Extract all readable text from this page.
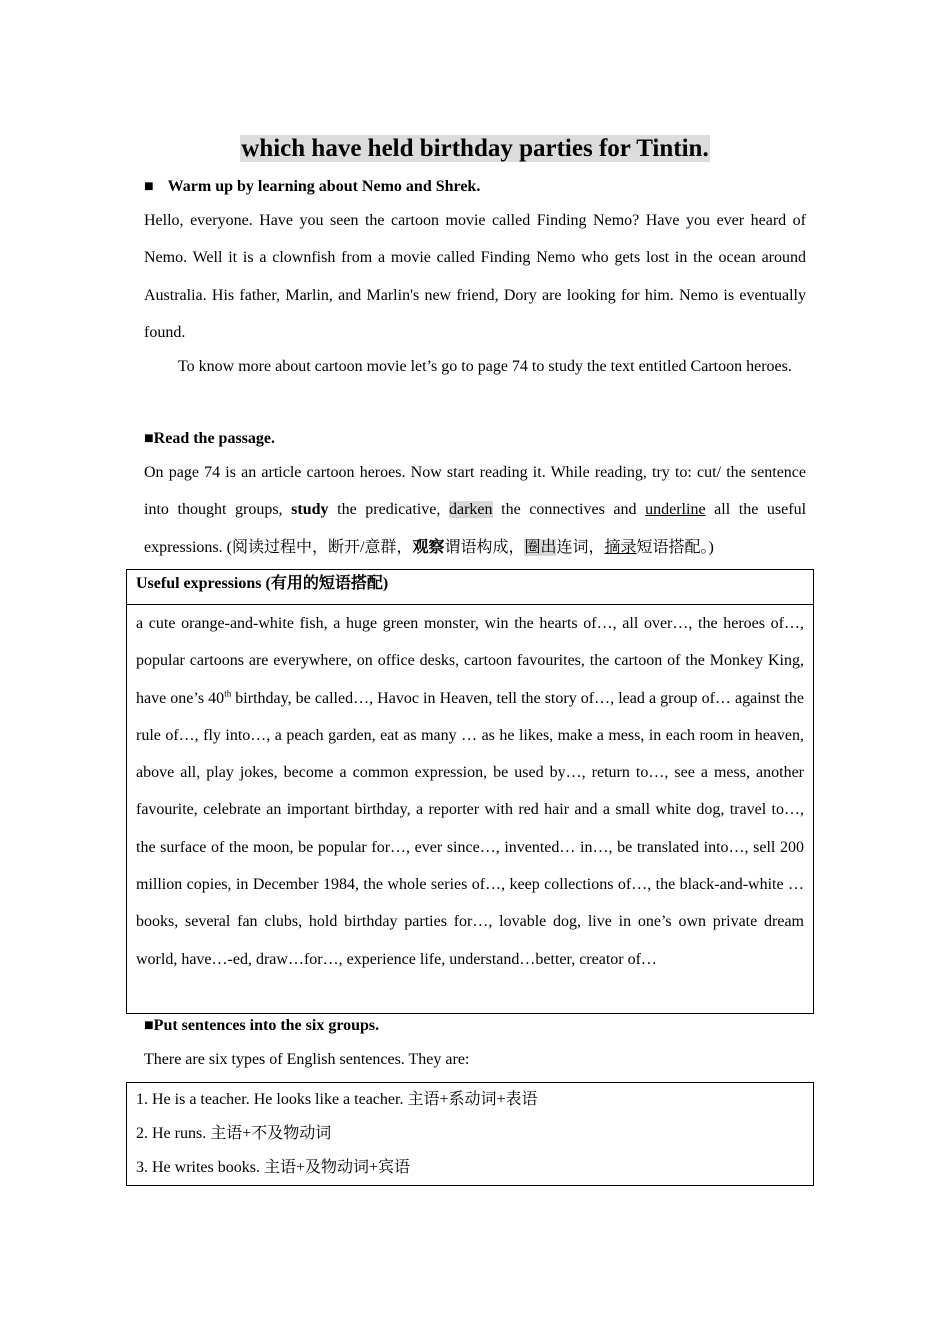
which have held birthday parties for Tintin.
■ Warm up by learning about Nemo and Shrek.

Hello, everyone. Have you seen the cartoon movie called Finding Nemo? Have you ever heard of Nemo. Well it is a clownfish from a movie called Finding Nemo who gets lost in the ocean around Australia. His father, Marlin, and Marlin's new friend, Dory are looking for him. Nemo is eventually found.

To know more about cartoon movie let’s go to page 74 to study the text entitled Cartoon heroes.

■Read the passage.

On page 74 is an article cartoon heroes. Now start reading it. While reading, try to: cut/ the sentence into thought groups, study the predicative, darken the connectives and underline all the useful expressions. (阅读过程中，断开/意群，观察谓语构成，圈出连词，摘录短语搭配。)

Useful expressions (有用的短语搭配)
a cute orange-and-white fish, a huge green monster, win the hearts of…, all over…, the heroes of…, popular cartoons are everywhere, on office desks, cartoon favourites, the cartoon of the Monkey King, have one’s 40th birthday, be called…, Havoc in Heaven, tell the story of…, lead a group of… against the rule of…, fly into…, a peach garden, eat as many … as he likes, make a mess, in each room in heaven, above all, play jokes, become a common expression, be used by…, return to…, see a mess, another favourite, celebrate an important birthday, a reporter with red hair and a small white dog, travel to…, the surface of the moon, be popular for…, ever since…, invented… in…, be translated into…, sell 200 million copies, in December 1984, the whole series of…, keep collections of…, the black-and-white …books, several fan clubs, hold birthday parties for…, lovable dog, live in one’s own private dream world, have…-ed, draw…for…, experience life, understand…better, creator of…
■Put sentences into the six groups.
There are six types of English sentences. They are:
1. He is a teacher. He looks like a teacher. 主语+系动词+表语
2. He runs. 主语+不及物动词
3. He writes books. 主语+及物动词+宾语
